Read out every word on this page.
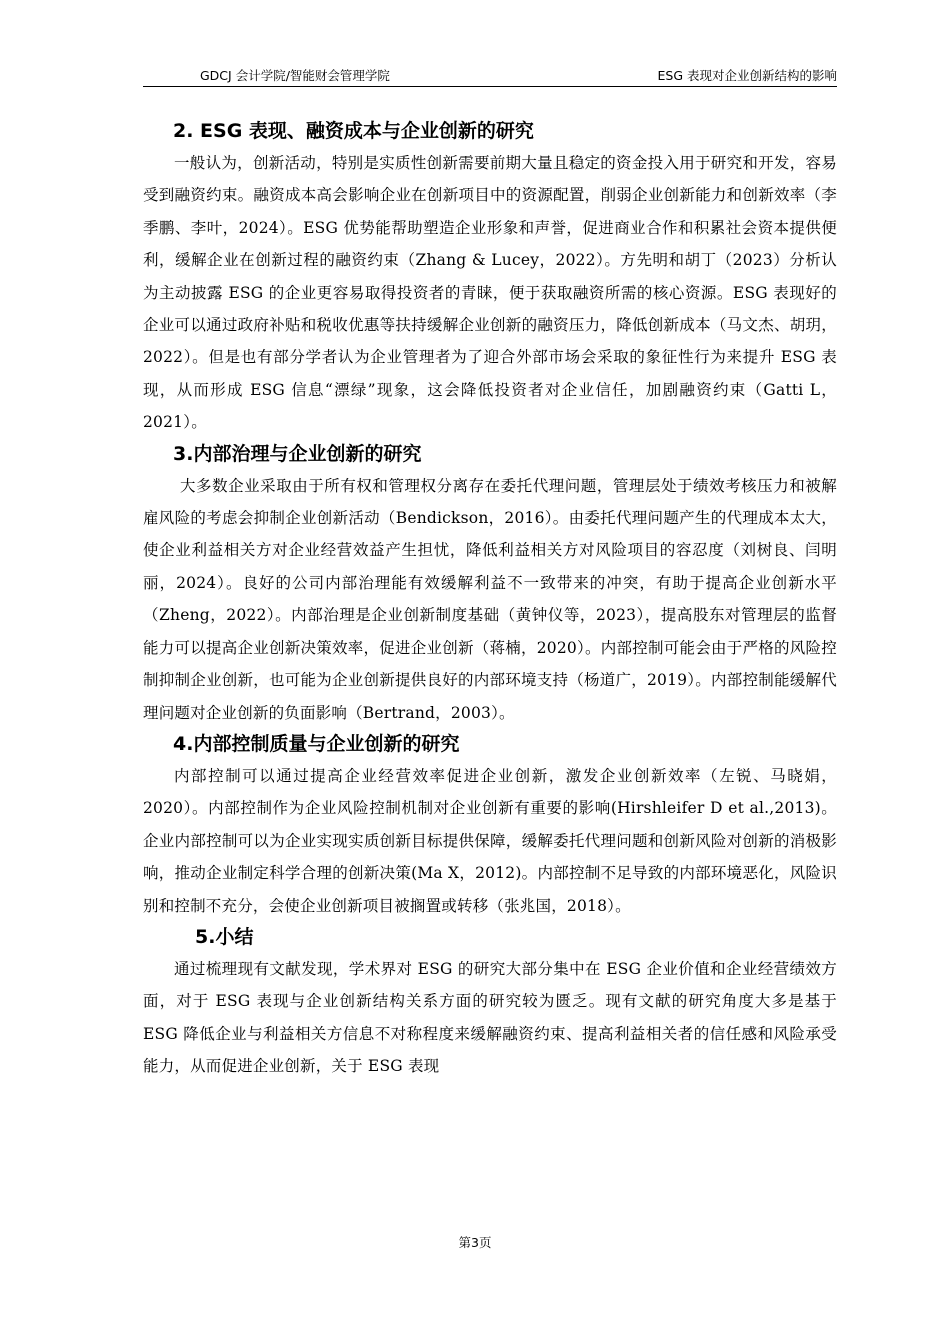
GDCJ 会计学院/智能财会管理学院	ESG 表现对企业创新结构的影响
2. ESG 表现、融资成本与企业创新的研究

一般认为，创新活动，特别是实质性创新需要前期大量且稳定的资金投入用于研究和开发，容易受到融资约束。融资成本高会影响企业在创新项目中的资源配置，削弱企业创新能力和创新效率（李季鹏、李叶，2024）。ESG 优势能帮助塑造企业形象和声誉，促进商业合作和积累社会资本提供便利，缓解企业在创新过程的融资约束（Zhang & Lucey，2022）。方先明和胡丁（2023）分析认为主动披露 ESG 的企业更容易取得投资者的青睐，便于获取融资所需的核心资源。ESG 表现好的企业可以通过政府补贴和税收优惠等扶持缓解企业创新的融资压力，降低创新成本（马文杰、胡玥，2022）。但是也有部分学者认为企业管理者为了迎合外部市场会采取的象征性行为来提升 ESG 表现，从而形成 ESG 信息“漂绿”现象，这会降低投资者对企业信任，加剧融资约束（Gatti L，2021）。

3.内部治理与企业创新的研究

大多数企业采取由于所有权和管理权分离存在委托代理问题，管理层处于绩效考核压力和被解雇风险的考虑会抑制企业创新活动（Bendickson，2016）。由委托代理问题产生的代理成本太大，使企业利益相关方对企业经营效益产生担忧，降低利益相关方对风险项目的容忍度（刘树良、闫明丽，2024）。良好的公司内部治理能有效缓解利益不一致带来的冲突，有助于提高企业创新水平（Zheng，2022）。内部治理是企业创新制度基础（黄钟仪等，2023），提高股东对管理层的监督能力可以提高企业创新决策效率，促进企业创新（蒋楠，2020）。内部控制可能会由于严格的风险控制抑制企业创新，也可能为企业创新提供良好的内部环境支持（杨道广，2019）。内部控制能缓解代理问题对企业创新的负面影响（Bertrand，2003）。

4.内部控制质量与企业创新的研究

内部控制可以通过提高企业经营效率促进企业创新，激发企业创新效率（左锐、马晓娟，2020）。内部控制作为企业风险控制机制对企业创新有重要的影响(Hirshleifer D et al.,2013)。企业内部控制可以为企业实现实质创新目标提供保障，缓解委托代理问题和创新风险对创新的消极影响，推动企业制定科学合理的创新决策(Ma X，2012)。内部控制不足导致的内部环境恶化，风险识别和控制不充分，会使企业创新项目被搁置或转移（张兆国，2018）。

5.小结

通过梳理现有文献发现，学术界对 ESG 的研究大部分集中在 ESG 企业价值和企业经营绩效方面，对于 ESG 表现与企业创新结构关系方面的研究较为匮乏。现有文献的研究角度大多是基于 ESG 降低企业与利益相关方信息不对称程度来缓解融资约束、提高利益相关者的信任感和风险承受能力，从而促进企业创新，关于 ESG 表现

第3页
